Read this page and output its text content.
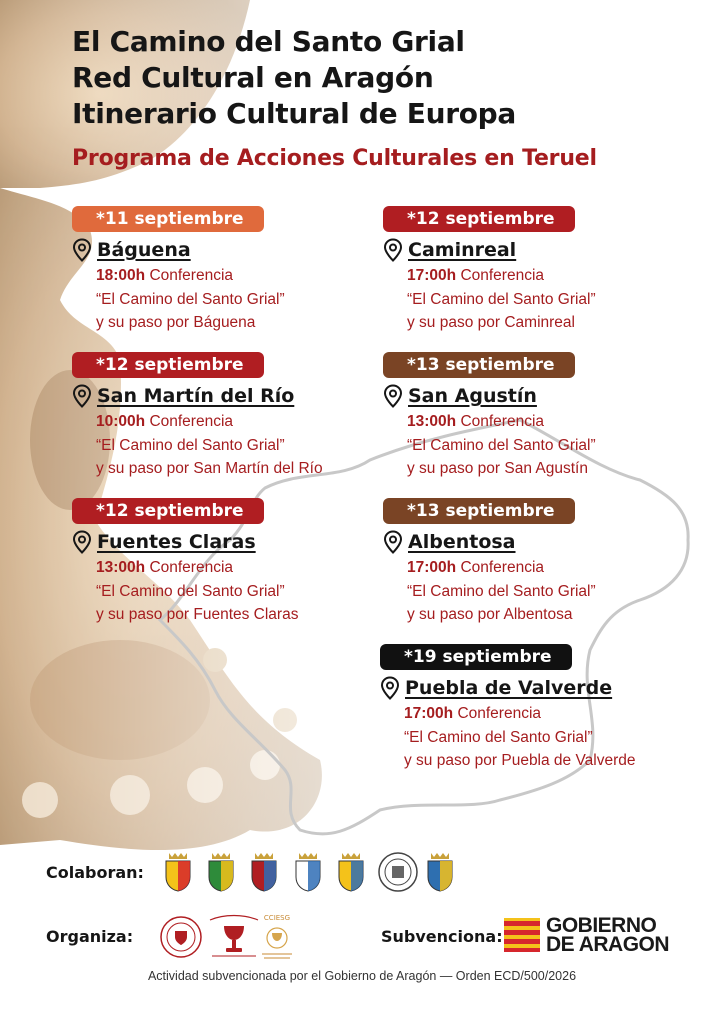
El Camino del Santo Grial
Red Cultural en Aragón
Itinerario Cultural de Europa
Programa de Acciones Culturales en Teruel
*11 septiembre
Báguena
18:00h Conferencia
“El Camino del Santo Grial”
y su paso por Báguena
*12 septiembre
Caminreal
17:00h Conferencia
“El Camino del Santo Grial”
y su paso por Caminreal
*12 septiembre
San Martín del Río
10:00h Conferencia
“El Camino del Santo Grial”
y su paso por San Martín del Río
*13 septiembre
San Agustín
13:00h Conferencia
“El Camino del Santo Grial”
y su paso por San Agustín
*12 septiembre
Fuentes Claras
13:00h Conferencia
“El Camino del Santo Grial”
y su paso por Fuentes Claras
*13 septiembre
Albentosa
17:00h Conferencia
“El Camino del Santo Grial”
y su paso por Albentosa
*19 septiembre
Puebla de Valverde
17:00h Conferencia
“El Camino del Santo Grial”
y su paso por Puebla de Valverde
Colaboran:
Organiza:
CCIESG
Subvenciona: GOBIERNO
DE ARAGON
Actividad subvencionada por el Gobierno de Aragón — Orden ECD/500/2026
